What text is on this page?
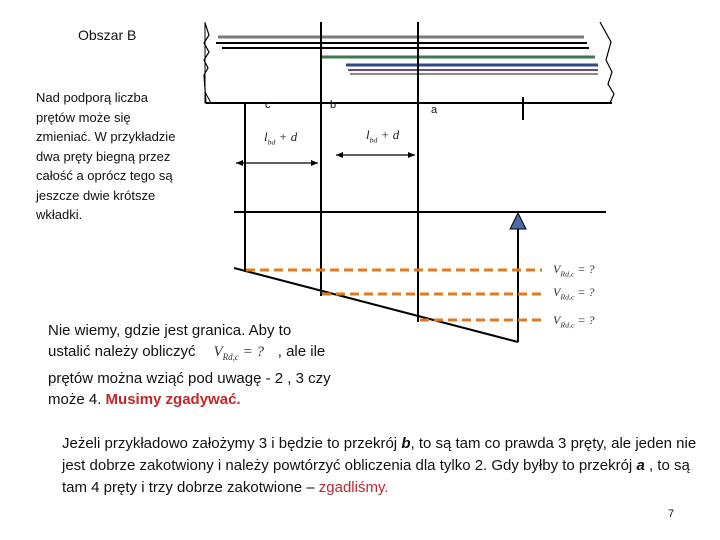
c	b	a
$l_{bd} + d$	$l_{bd} + d$
$V_{Rd,c}$ = ?
$V_{Rd,c}$ = ?
$V_{Rd,c}$ = ?
Obszar B
Nad podporą liczba prętów może się zmieniać. W przykładzie dwa pręty biegną przez całość a oprócz tego są jeszcze dwie krótsze wkładki.
Nie wiemy, gdzie jest granica. Aby to ustalić należy obliczyć $V_{Rd,c}$ = ? , ale ile prętów można wziąć pod uwagę - 2 , 3 czy może 4. Musimy zgadywać.
Jeżeli przykładowo założymy 3 i będzie to przekrój b, to są tam co prawda 3 pręty, ale jeden nie jest dobrze zakotwiony i należy powtórzyć obliczenia dla tylko 2. Gdy byłby to przekrój a , to są tam 4 pręty i trzy dobrze zakotwione – zgadliśmy.
7
